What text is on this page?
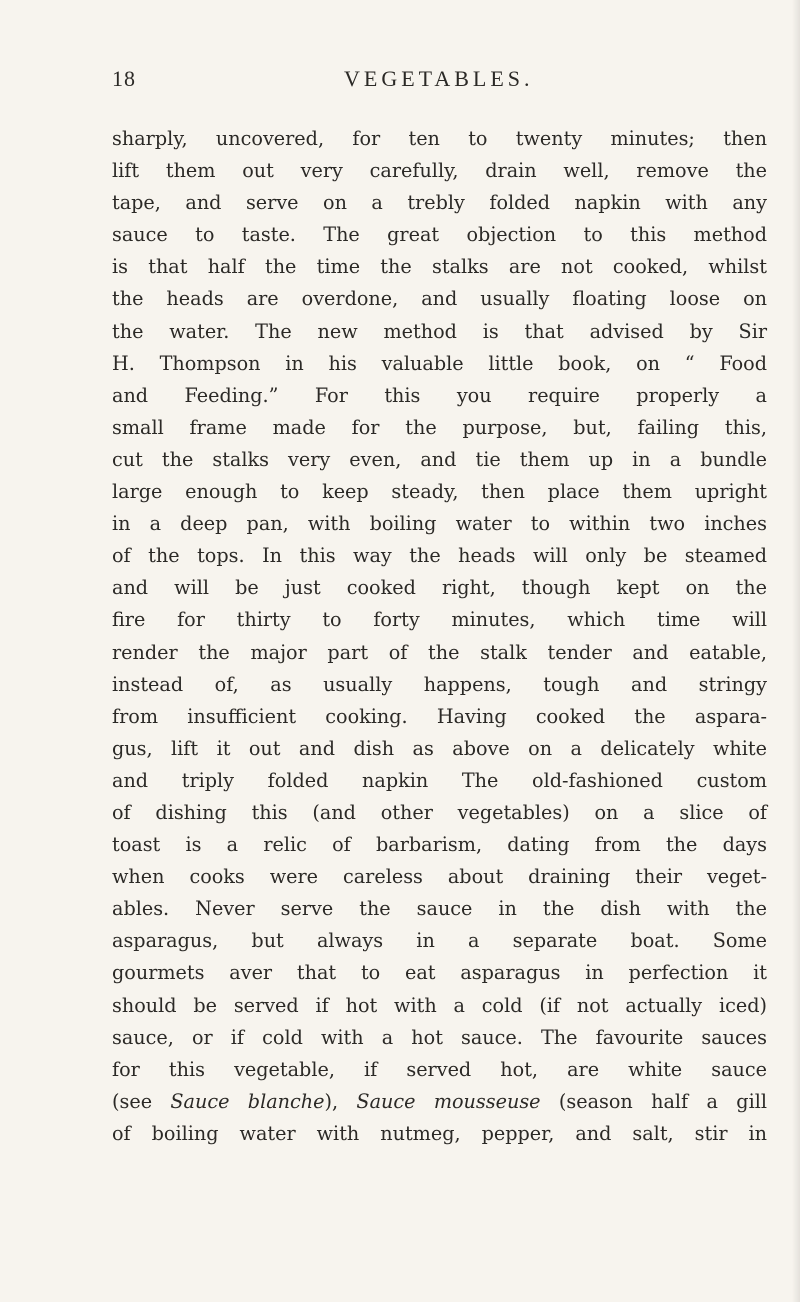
18	VEGETABLES.
sharply, uncovered, for ten to twenty minutes; then
lift them out very carefully, drain well, remove the
tape, and serve on a trebly folded napkin with any
sauce to taste. The great objection to this method
is that half the time the stalks are not cooked, whilst
the heads are overdone, and usually floating loose on
the water. The new method is that advised by Sir
H. Thompson in his valuable little book, on “ Food
and Feeding.” For this you require properly a
small frame made for the purpose, but, failing this,
cut the stalks very even, and tie them up in a bundle
large enough to keep steady, then place them upright
in a deep pan, with boiling water to within two inches
of the tops. In this way the heads will only be steamed
and will be just cooked right, though kept on the
fire for thirty to forty minutes, which time will
render the major part of the stalk tender and eatable,
instead of, as usually happens, tough and stringy
from insufficient cooking. Having cooked the aspara-
gus, lift it out and dish as above on a delicately white
and triply folded napkin The old-fashioned custom
of dishing this (and other vegetables) on a slice of
toast is a relic of barbarism, dating from the days
when cooks were careless about draining their veget-
ables. Never serve the sauce in the dish with the
asparagus, but always in a separate boat. Some
gourmets aver that to eat asparagus in perfection it
should be served if hot with a cold (if not actually iced)
sauce, or if cold with a hot sauce. The favourite sauces
for this vegetable, if served hot, are white sauce
(see Sauce blanche), Sauce mousseuse (season half a gill
of boiling water with nutmeg, pepper, and salt, stir in
